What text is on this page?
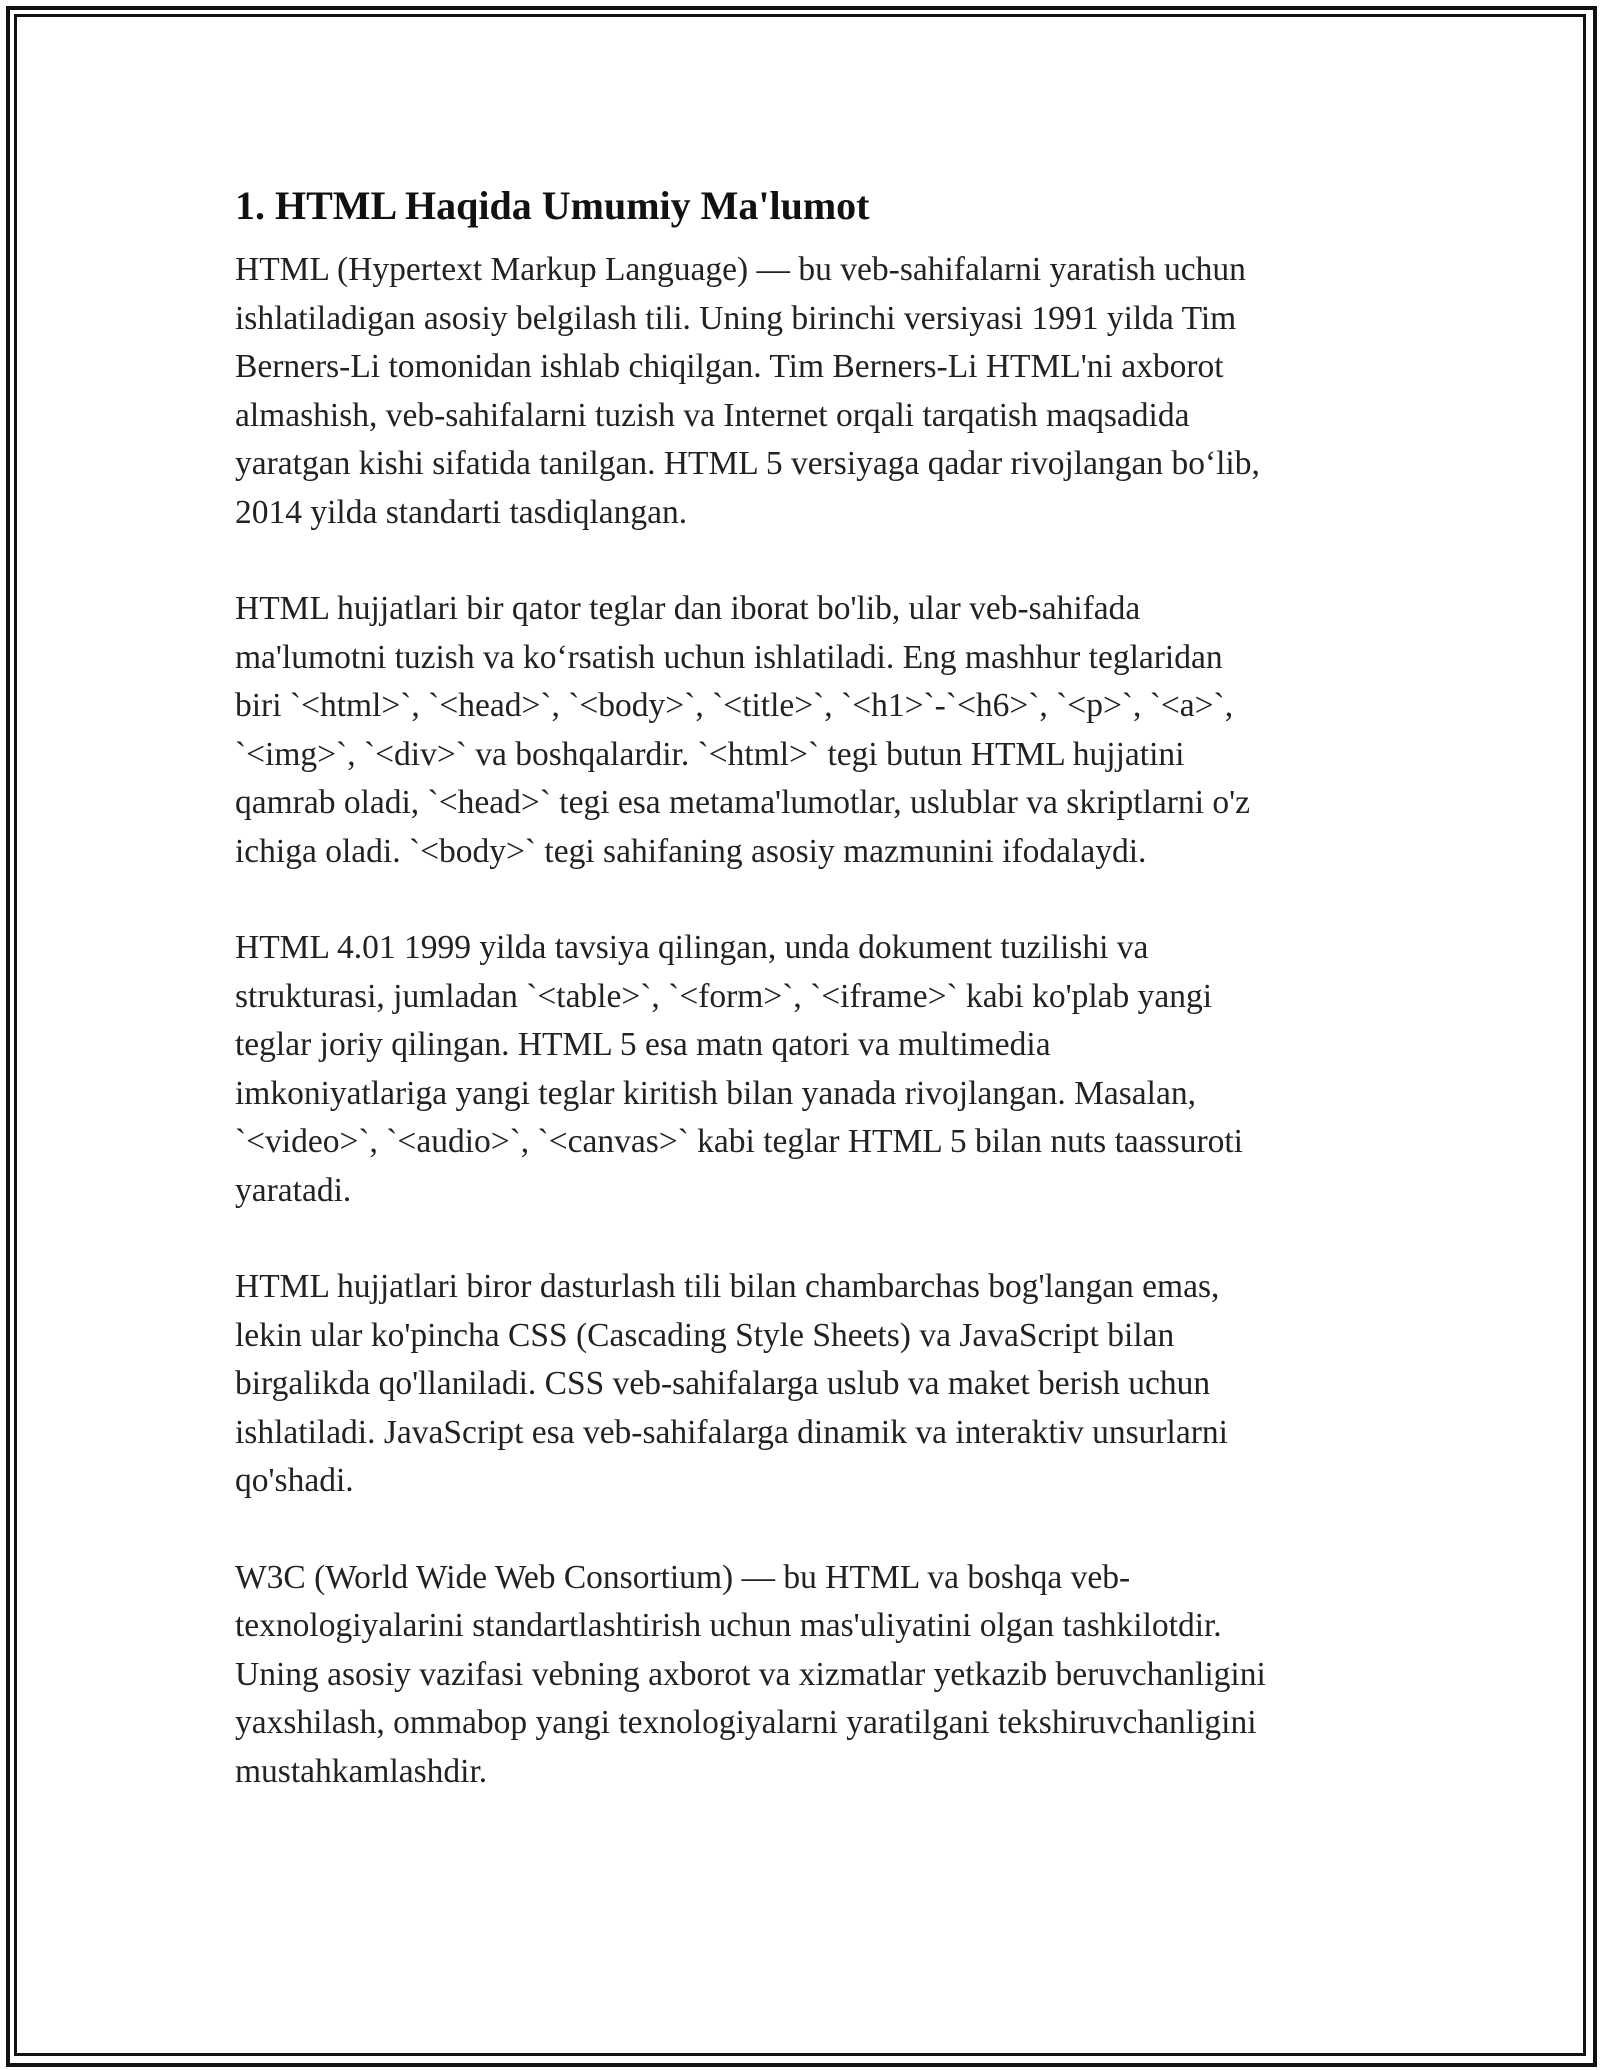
1. HTML Haqida Umumiy Ma'lumot

HTML (Hypertext Markup Language) — bu veb-sahifalarni yaratish uchun
ishlatiladigan asosiy belgilash tili. Uning birinchi versiyasi 1991 yilda Tim
Berners-Li tomonidan ishlab chiqilgan. Tim Berners-Li HTML'ni axborot
almashish, veb-sahifalarni tuzish va Internet orqali tarqatish maqsadida
yaratgan kishi sifatida tanilgan. HTML 5 versiyaga qadar rivojlangan bo‘lib,
2014 yilda standarti tasdiqlangan.

HTML hujjatlari bir qator teglar dan iborat bo'lib, ular veb-sahifada
ma'lumotni tuzish va ko‘rsatish uchun ishlatiladi. Eng mashhur teglaridan
biri `<html>`, `<head>`, `<body>`, `<title>`, `<h1>`-`<h6>`, `<p>`, `<a>`,
`<img>`, `<div>` va boshqalardir. `<html>` tegi butun HTML hujjatini
qamrab oladi, `<head>` tegi esa metama'lumotlar, uslublar va skriptlarni o'z
ichiga oladi. `<body>` tegi sahifaning asosiy mazmunini ifodalaydi.

HTML 4.01 1999 yilda tavsiya qilingan, unda dokument tuzilishi va
strukturasi, jumladan `<table>`, `<form>`, `<iframe>` kabi ko'plab yangi
teglar joriy qilingan. HTML 5 esa matn qatori va multimedia
imkoniyatlariga yangi teglar kiritish bilan yanada rivojlangan. Masalan,
`<video>`, `<audio>`, `<canvas>` kabi teglar HTML 5 bilan nuts taassuroti
yaratadi.

HTML hujjatlari biror dasturlash tili bilan chambarchas bog'langan emas,
lekin ular ko'pincha CSS (Cascading Style Sheets) va JavaScript bilan
birgalikda qo'llaniladi. CSS veb-sahifalarga uslub va maket berish uchun
ishlatiladi. JavaScript esa veb-sahifalarga dinamik va interaktiv unsurlarni
qo'shadi.

W3C (World Wide Web Consortium) — bu HTML va boshqa veb-
texnologiyalarini standartlashtirish uchun mas'uliyatini olgan tashkilotdir.
Uning asosiy vazifasi vebning axborot va xizmatlar yetkazib beruvchanligini
yaxshilash, ommabop yangi texnologiyalarni yaratilgani tekshiruvchanligini
mustahkamlashdir.
